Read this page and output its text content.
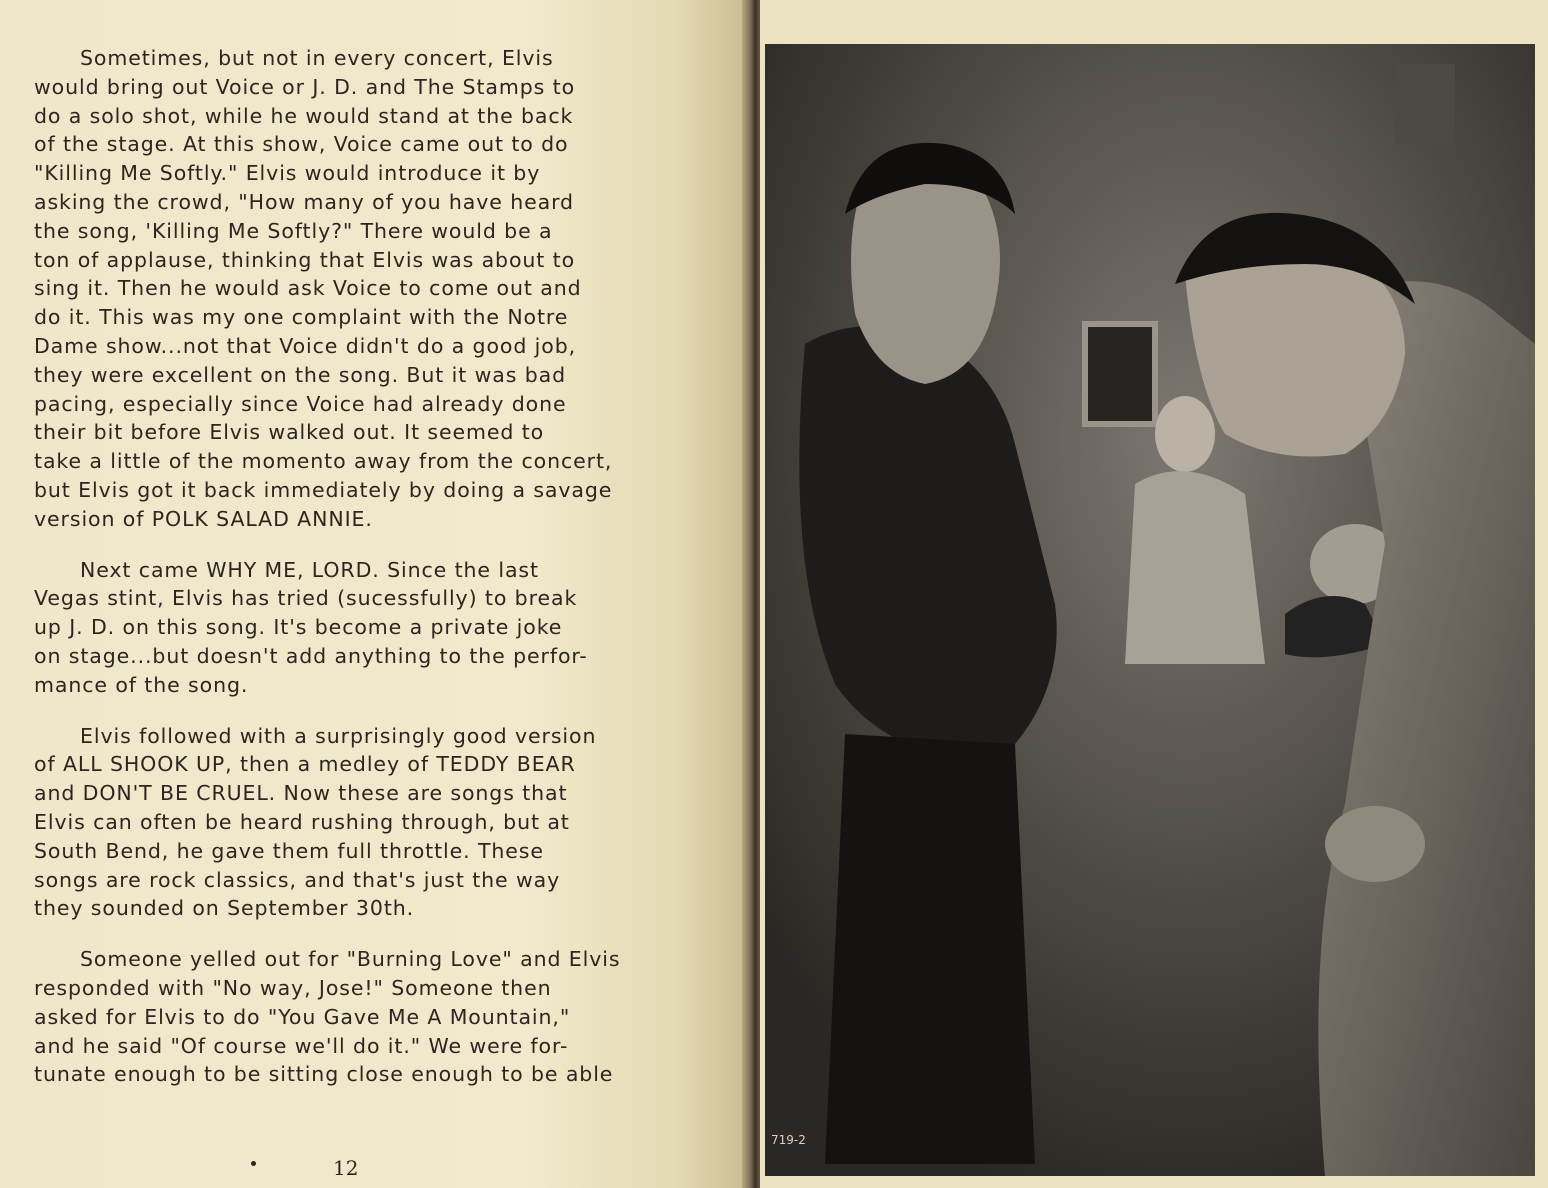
Sometimes, but not in every concert, Elvis
would bring out Voice or J. D. and The Stamps to
do a solo shot, while he would stand at the back
of the stage. At this show, Voice came out to do
"Killing Me Softly." Elvis would introduce it by
asking the crowd, "How many of you have heard
the song, 'Killing Me Softly?" There would be a
ton of applause, thinking that Elvis was about to
sing it. Then he would ask Voice to come out and
do it. This was my one complaint with the Notre
Dame show...not that Voice didn't do a good job,
they were excellent on the song. But it was bad
pacing, especially since Voice had already done
their bit before Elvis walked out. It seemed to
take a little of the momento away from the concert,
but Elvis got it back immediately by doing a savage
version of POLK SALAD ANNIE.
Next came WHY ME, LORD. Since the last
Vegas stint, Elvis has tried (sucessfully) to break
up J. D. on this song. It's become a private joke
on stage...but doesn't add anything to the perfor-
mance of the song.
Elvis followed with a surprisingly good version
of ALL SHOOK UP, then a medley of TEDDY BEAR
and DON'T BE CRUEL. Now these are songs that
Elvis can often be heard rushing through, but at
South Bend, he gave them full throttle. These
songs are rock classics, and that's just the way
they sounded on September 30th.
Someone yelled out for "Burning Love" and Elvis
responded with "No way, Jose!" Someone then
asked for Elvis to do "You Gave Me A Mountain,"
and he said "Of course we'll do it." We were for-
tunate enough to be sitting close enough to be able
12
719-2
